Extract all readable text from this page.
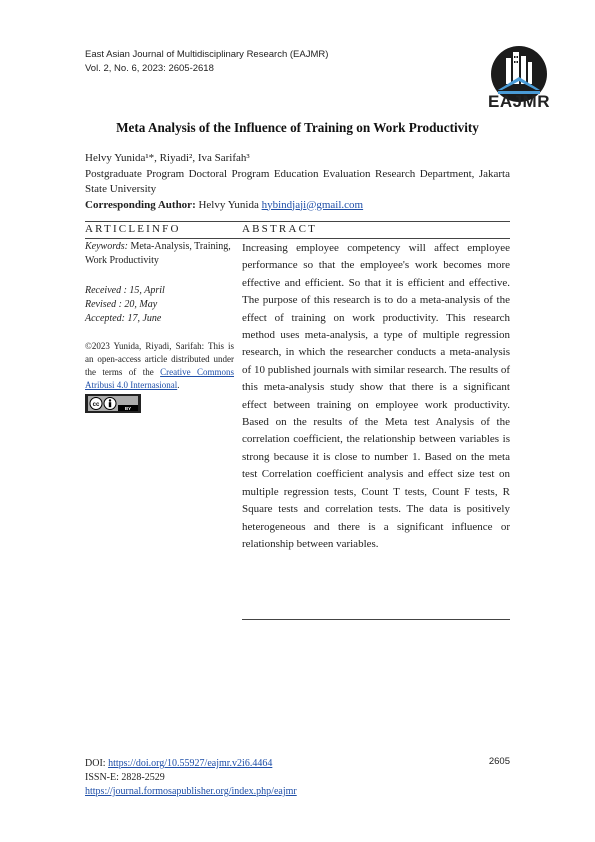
East Asian Journal of Multidisciplinary Research (EAJMR)
Vol. 2, No. 6, 2023: 2605-2618
EAJMR
Meta Analysis of the Influence of Training on Work Productivity

Helvy Yunida¹*, Riyadi², Iva Sarifah³

Postgraduate Program Doctoral Program Education Evaluation Research Department, Jakarta State University

Corresponding Author: Helvy Yunida hybindjaji@gmail.com

ARTICLEINFO	ABSTRACT

Keywords: Meta-Analysis, Training, Work Productivity

Received : 15, April
Revised : 20, May
Accepted: 17, June

©2023 Yunida, Riyadi, Sarifah: This is an open-access article distributed under the terms of the Creative Commons Atribusi 4.0 Internasional.

cc
BY

Increasing employee competency will affect employee performance so that the employee's work becomes more effective and efficient. So that it is efficient and effective. The purpose of this research is to do a meta-analysis of the effect of training on work productivity. This research method uses meta-analysis, a type of multiple regression research, in which the researcher conducts a meta-analysis of 10 published journals with similar research. The results of this meta-analysis study show that there is a significant effect between training on employee work productivity. Based on the results of the Meta test Analysis of the correlation coefficient, the relationship between variables is strong because it is close to number 1. Based on the meta test Correlation coefficient analysis and effect size test on multiple regression tests, Count T tests, Count F tests, R Square tests and correlation tests. The data is positively heterogeneous and there is a significant influence or relationship between variables.

DOI: https://doi.org/10.55927/eajmr.v2i6.4464

ISSN-E: 2828-2529

https://journal.formosapublisher.org/index.php/eajmr

2605
